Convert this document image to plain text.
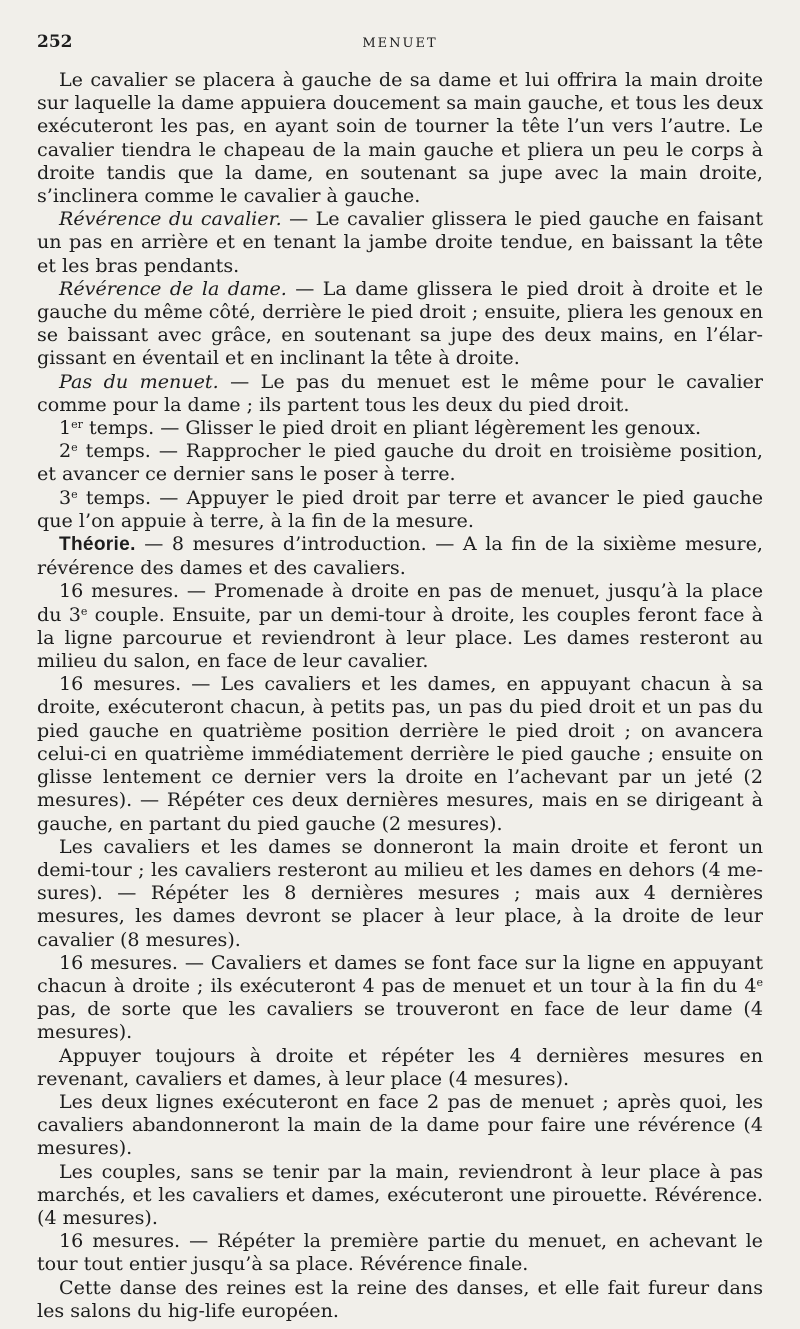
252	MENUET

Le cavalier se placera à gauche de sa dame et lui offrira la main droite sur laquelle la dame appuiera doucement sa main gauche, et tous les deux exécuteront les pas, en ayant soin de tourner la tête l’un vers l’autre. Le cavalier tiendra le chapeau de la main gauche et pliera un peu le corps à droite tandis que la dame, en soutenant sa jupe avec la main droite, s’inclinera comme le cavalier à gauche.

Révérence du cavalier. — Le cavalier glissera le pied gauche en faisant un pas en arrière et en tenant la jambe droite tendue, en baissant la tête et les bras pendants.

Révérence de la dame. — La dame glissera le pied droit à droite et le gauche du même côté, derrière le pied droit ; ensuite, pliera les genoux en se baissant avec grâce, en soutenant sa jupe des deux mains, en l’élargissant en éventail et en inclinant la tête à droite.

Pas du menuet. — Le pas du menuet est le même pour le cavalier comme pour la dame ; ils partent tous les deux du pied droit.

1er temps. — Glisser le pied droit en pliant légèrement les genoux.

2e temps. — Rapprocher le pied gauche du droit en troisième position, et avancer ce dernier sans le poser à terre.

3e temps. — Appuyer le pied droit par terre et avancer le pied gauche que l’on appuie à terre, à la fin de la mesure.

Théorie. — 8 mesures d’introduction. — A la fin de la sixième mesure, révérence des dames et des cavaliers.

16 mesures. — Promenade à droite en pas de menuet, jusqu’à la place du 3e couple. Ensuite, par un demi-tour à droite, les couples feront face à la ligne parcourue et reviendront à leur place. Les dames resteront au milieu du salon, en face de leur cavalier.

16 mesures. — Les cavaliers et les dames, en appuyant chacun à sa droite, exécuteront chacun, à petits pas, un pas du pied droit et un pas du pied gauche en quatrième position derrière le pied droit ; on avancera celui-ci en quatrième immédiatement derrière le pied gauche ; ensuite on glisse lentement ce dernier vers la droite en l’achevant par un jeté (2 mesures). — Répéter ces deux dernières mesures, mais en se dirigeant à gauche, en partant du pied gauche (2 mesures).

Les cavaliers et les dames se donneront la main droite et feront un demi-tour ; les cavaliers resteront au milieu et les dames en dehors (4 mesures). — Répéter les 8 dernières mesures ; mais aux 4 dernières mesures, les dames devront se placer à leur place, à la droite de leur cavalier (8 mesures).

16 mesures. — Cavaliers et dames se font face sur la ligne en appuyant chacun à droite ; ils exécuteront 4 pas de menuet et un tour à la fin du 4e pas, de sorte que les cavaliers se trouveront en face de leur dame (4 mesures).

Appuyer toujours à droite et répéter les 4 dernières mesures en revenant, cavaliers et dames, à leur place (4 mesures).

Les deux lignes exécuteront en face 2 pas de menuet ; après quoi, les cavaliers abandonneront la main de la dame pour faire une révérence (4 mesures).

Les couples, sans se tenir par la main, reviendront à leur place à pas marchés, et les cavaliers et dames, exécuteront une pirouette. Révérence. (4 mesures).

16 mesures. — Répéter la première partie du menuet, en achevant le tour tout entier jusqu’à sa place. Révérence finale.

Cette danse des reines est la reine des danses, et elle fait fureur dans les salons du hig-life européen.
